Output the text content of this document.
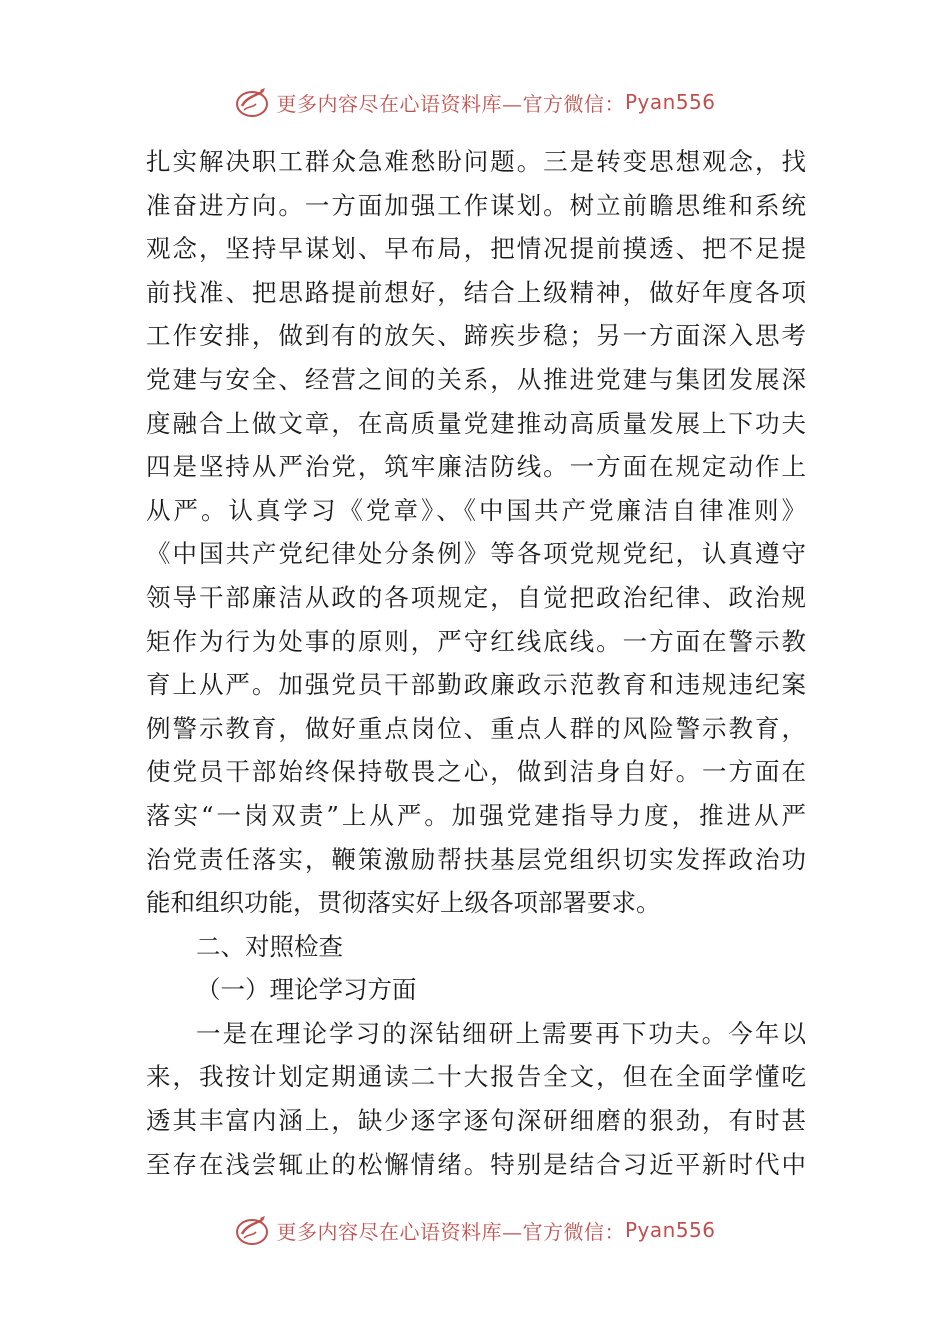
更多内容尽在心语资料库—官方微信： Pyan556
扎实解决职工群众急难愁盼问题。三是转变思想观念，找
准奋进方向。一方面加强工作谋划。树立前瞻思维和系统
观念，坚持早谋划、早布局，把情况提前摸透、把不足提
前找准、把思路提前想好，结合上级精神，做好年度各项
工作安排，做到有的放矢、蹄疾步稳；另一方面深入思考
党建与安全、经营之间的关系，从推进党建与集团发展深
度融合上做文章，在高质量党建推动高质量发展上下功夫
四是坚持从严治党，筑牢廉洁防线。一方面在规定动作上
从严。认真学习《党章》、《中国共产党廉洁自律准则》
《中国共产党纪律处分条例》等各项党规党纪，认真遵守
领导干部廉洁从政的各项规定，自觉把政治纪律、政治规
矩作为行为处事的原则，严守红线底线。一方面在警示教
育上从严。加强党员干部勤政廉政示范教育和违规违纪案
例警示教育，做好重点岗位、重点人群的风险警示教育，
使党员干部始终保持敬畏之心，做到洁身自好。一方面在
落实“一岗双责”上从严。加强党建指导力度，推进从严
治党责任落实，鞭策激励帮扶基层党组织切实发挥政治功
能和组织功能，贯彻落实好上级各项部署要求。
二、对照检查
（一）理论学习方面
一是在理论学习的深钻细研上需要再下功夫。今年以
来，我按计划定期通读二十大报告全文，但在全面学懂吃
透其丰富内涵上，缺少逐字逐句深研细磨的狠劲，有时甚
至存在浅尝辄止的松懈情绪。特别是结合习近平新时代中
更多内容尽在心语资料库—官方微信： Pyan556
